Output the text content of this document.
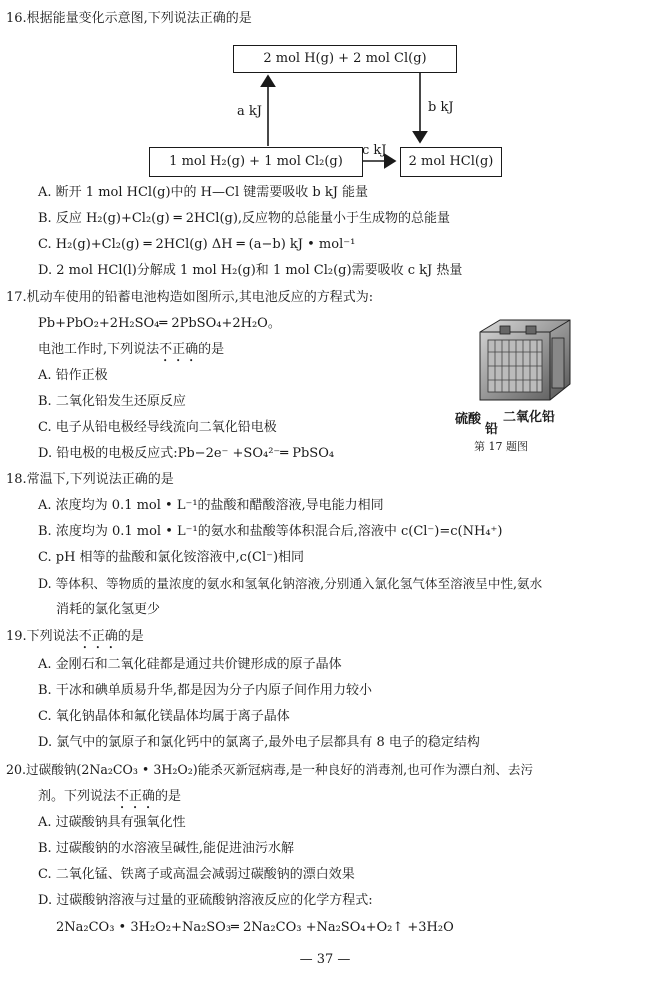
16.根据能量变化示意图,下列说法正确的是
2 mol H(g) + 2 mol Cl(g)
1 mol H₂(g) + 1 mol Cl₂(g)	2 mol HCl(g)
a kJ	b kJ
c kJ
A. 断开 1 mol HCl(g)中的 H—Cl 键需要吸收 b kJ 能量
B. 反应 H₂(g)+Cl₂(g) ═ 2HCl(g),反应物的总能量小于生成物的总能量
C. H₂(g)+Cl₂(g) ═ 2HCl(g) ΔH ═ (a−b) kJ • mol⁻¹
D. 2 mol HCl(l)分解成 1 mol H₂(g)和 1 mol Cl₂(g)需要吸收 c kJ 热量
17.机动车使用的铅蓄电池构造如图所示,其电池反应的方程式为:
Pb+PbO₂+2H₂SO₄═ 2PbSO₄+2H₂O。
电池工作时,下列说法不正确的是
A. 铅作正极
B. 二氧化铅发生还原反应
C. 电子从铅电极经导线流向二氧化铅电极
D. 铅电极的电极反应式:Pb−2e⁻ +SO₄²⁻═ PbSO₄
硫酸
铅
二氧化铅
第 17 题图
18.常温下,下列说法正确的是
A. 浓度均为 0.1 mol • L⁻¹的盐酸和醋酸溶液,导电能力相同
B. 浓度均为 0.1 mol • L⁻¹的氨水和盐酸等体积混合后,溶液中 c(Cl⁻)=c(NH₄⁺)
C. pH 相等的盐酸和氯化铵溶液中,c(Cl⁻)相同
D. 等体积、等物质的量浓度的氨水和氢氧化钠溶液,分别通入氯化氢气体至溶液呈中性,氨水
消耗的氯化氢更少
19.下列说法不正确的是
A. 金刚石和二氧化硅都是通过共价键形成的原子晶体
B. 干冰和碘单质易升华,都是因为分子内原子间作用力较小
C. 氧化钠晶体和氟化镁晶体均属于离子晶体
D. 氯气中的氯原子和氯化钙中的氯离子,最外电子层都具有 8 电子的稳定结构
20.过碳酸钠(2Na₂CO₃ • 3H₂O₂)能杀灭新冠病毒,是一种良好的消毒剂,也可作为漂白剂、去污
剂。下列说法不正确的是
A. 过碳酸钠具有强氧化性
B. 过碳酸钠的水溶液呈碱性,能促进油污水解
C. 二氧化锰、铁离子或高温会减弱过碳酸钠的漂白效果
D. 过碳酸钠溶液与过量的亚硫酸钠溶液反应的化学方程式:
2Na₂CO₃ • 3H₂O₂+Na₂SO₃═ 2Na₂CO₃ +Na₂SO₄+O₂↑ +3H₂O
— 37 —
